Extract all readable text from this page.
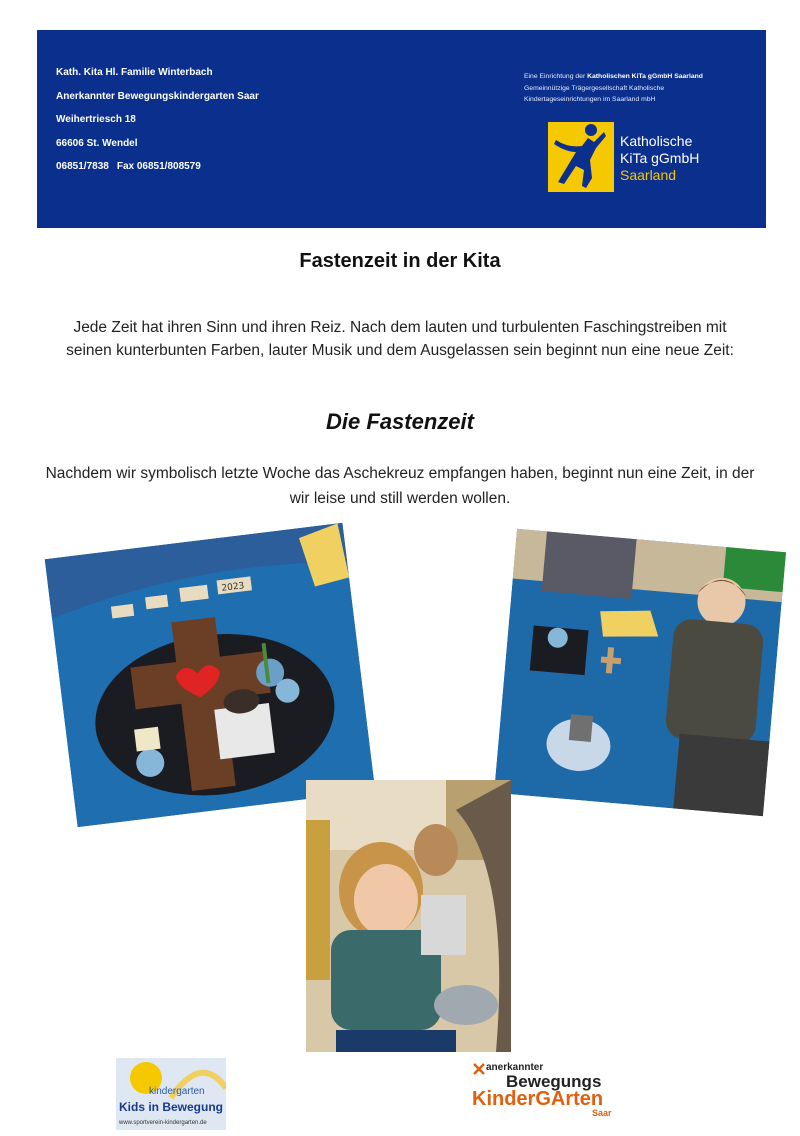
Kath. Kita Hl. Familie Winterbach
Anerkannter Bewegungskindergarten Saar
Weihertriesch 18
66606 St. Wendel
06851/7838 Fax 06851/808579
Eine Einrichtung der Katholischen KiTa gGmbH Saarland
Gemeinnützige Trägergesellschaft Katholische
Kindertageseinrichtungen im Saarland mbH
Katholische
KiTa gGmbH
Saarland
Fastenzeit in der Kita

Jede Zeit hat ihren Sinn und ihren Reiz. Nach dem lauten und turbulenten Faschingstreiben mit seinen kunterbunten Farben, lauter Musik und dem Ausgelassen sein beginnt nun eine neue Zeit:

Die Fastenzeit

Nachdem wir symbolisch letzte Woche das Aschekreuz empfangen haben, beginnt nun eine Zeit, in der wir leise und still werden wollen.

2023
kindergarten
Kids in Bewegung
www.sportverein-kindergarten.de
anerkannter
Bewegungs
KinderGArten
Saar
